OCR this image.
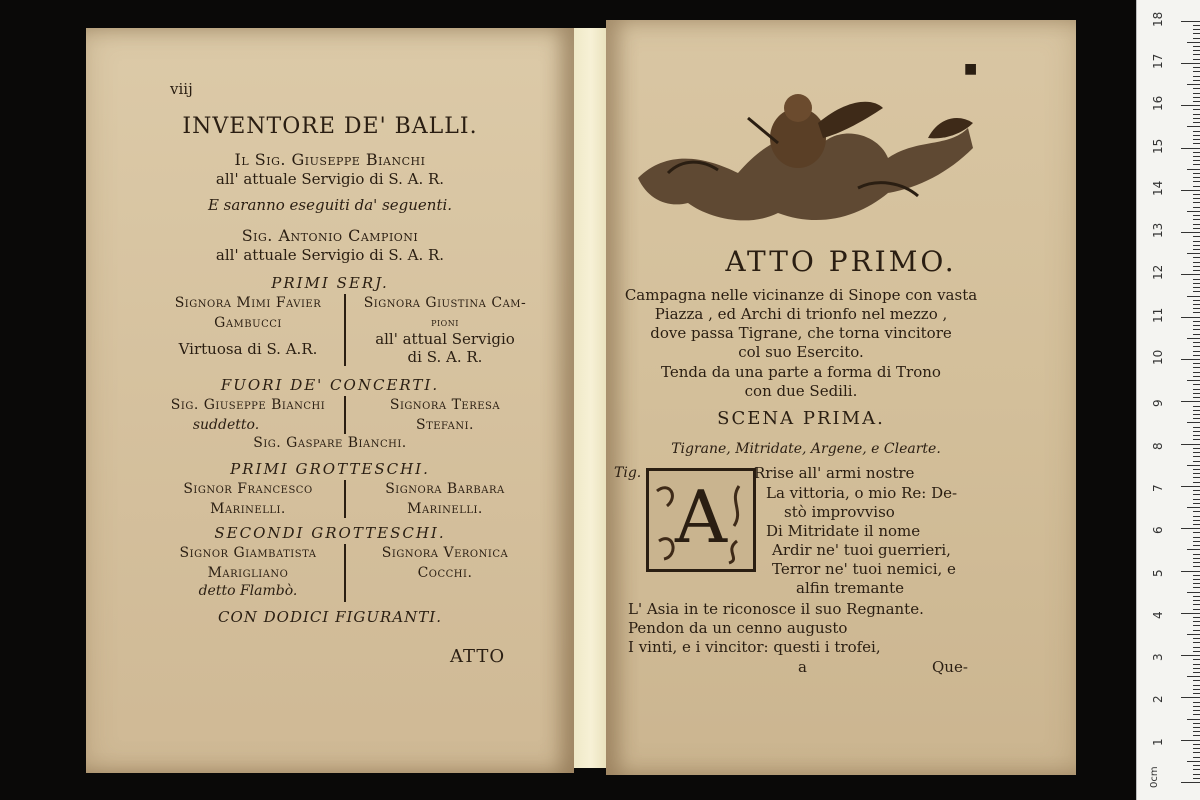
viij
INVENTORE DE' BALLI.
Il Sig. Giuseppe Bianchi
all' attuale Servigio di S. A. R.
E saranno eseguiti da' seguenti.
Sig. Antonio Campioni
all' attuale Servigio di S. A. R.
PRIMI SERJ.
Signora Mimi Favier
Gambucci
Virtuosa di S. A.R.
Signora Giustina Cam-
pioni
all' attual Servigio
di S. A. R.
FUORI DE' CONCERTI.
Sig. Giuseppe Bianchi
suddetto.
Signora Teresa
Stefani.
Sig. Gaspare Bianchi.
PRIMI GROTTESCHI.
Signor Francesco
Marinelli.
Signora Barbara
Marinelli.
SECONDI GROTTESCHI.
Signor Giambatista
Marigliano
detto Flambò.
Signora Veronica
Cocchi.
CON DODICI FIGURANTI.
ATTO
■
ATTO PRIMO.
Campagna nelle vicinanze di Sinope con vasta
Piazza , ed Archi di trionfo nel mezzo ,
dove passa Tigrane, che torna vincitore
col suo Esercito.
Tenda da una parte a forma di Trono
con due Sedili.
SCENA PRIMA.
Tigrane, Mitridate, Argene, e Clearte.
Tig.
A
Rrise all' armi nostre
La vittoria, o mio Re: De-
stò improvviso
Di Mitridate il nome
Ardir ne' tuoi guerrieri,
Terror ne' tuoi nemici, e
alfin tremante
L' Asia in te riconosce il suo Regnante.
Pendon da un cenno augusto
I vinti, e i vincitor: questi i trofei,
a	Que-
0cm
1
2
3
4
5
6
7
8
9
10
11
12
13
14
15
16
17
18
